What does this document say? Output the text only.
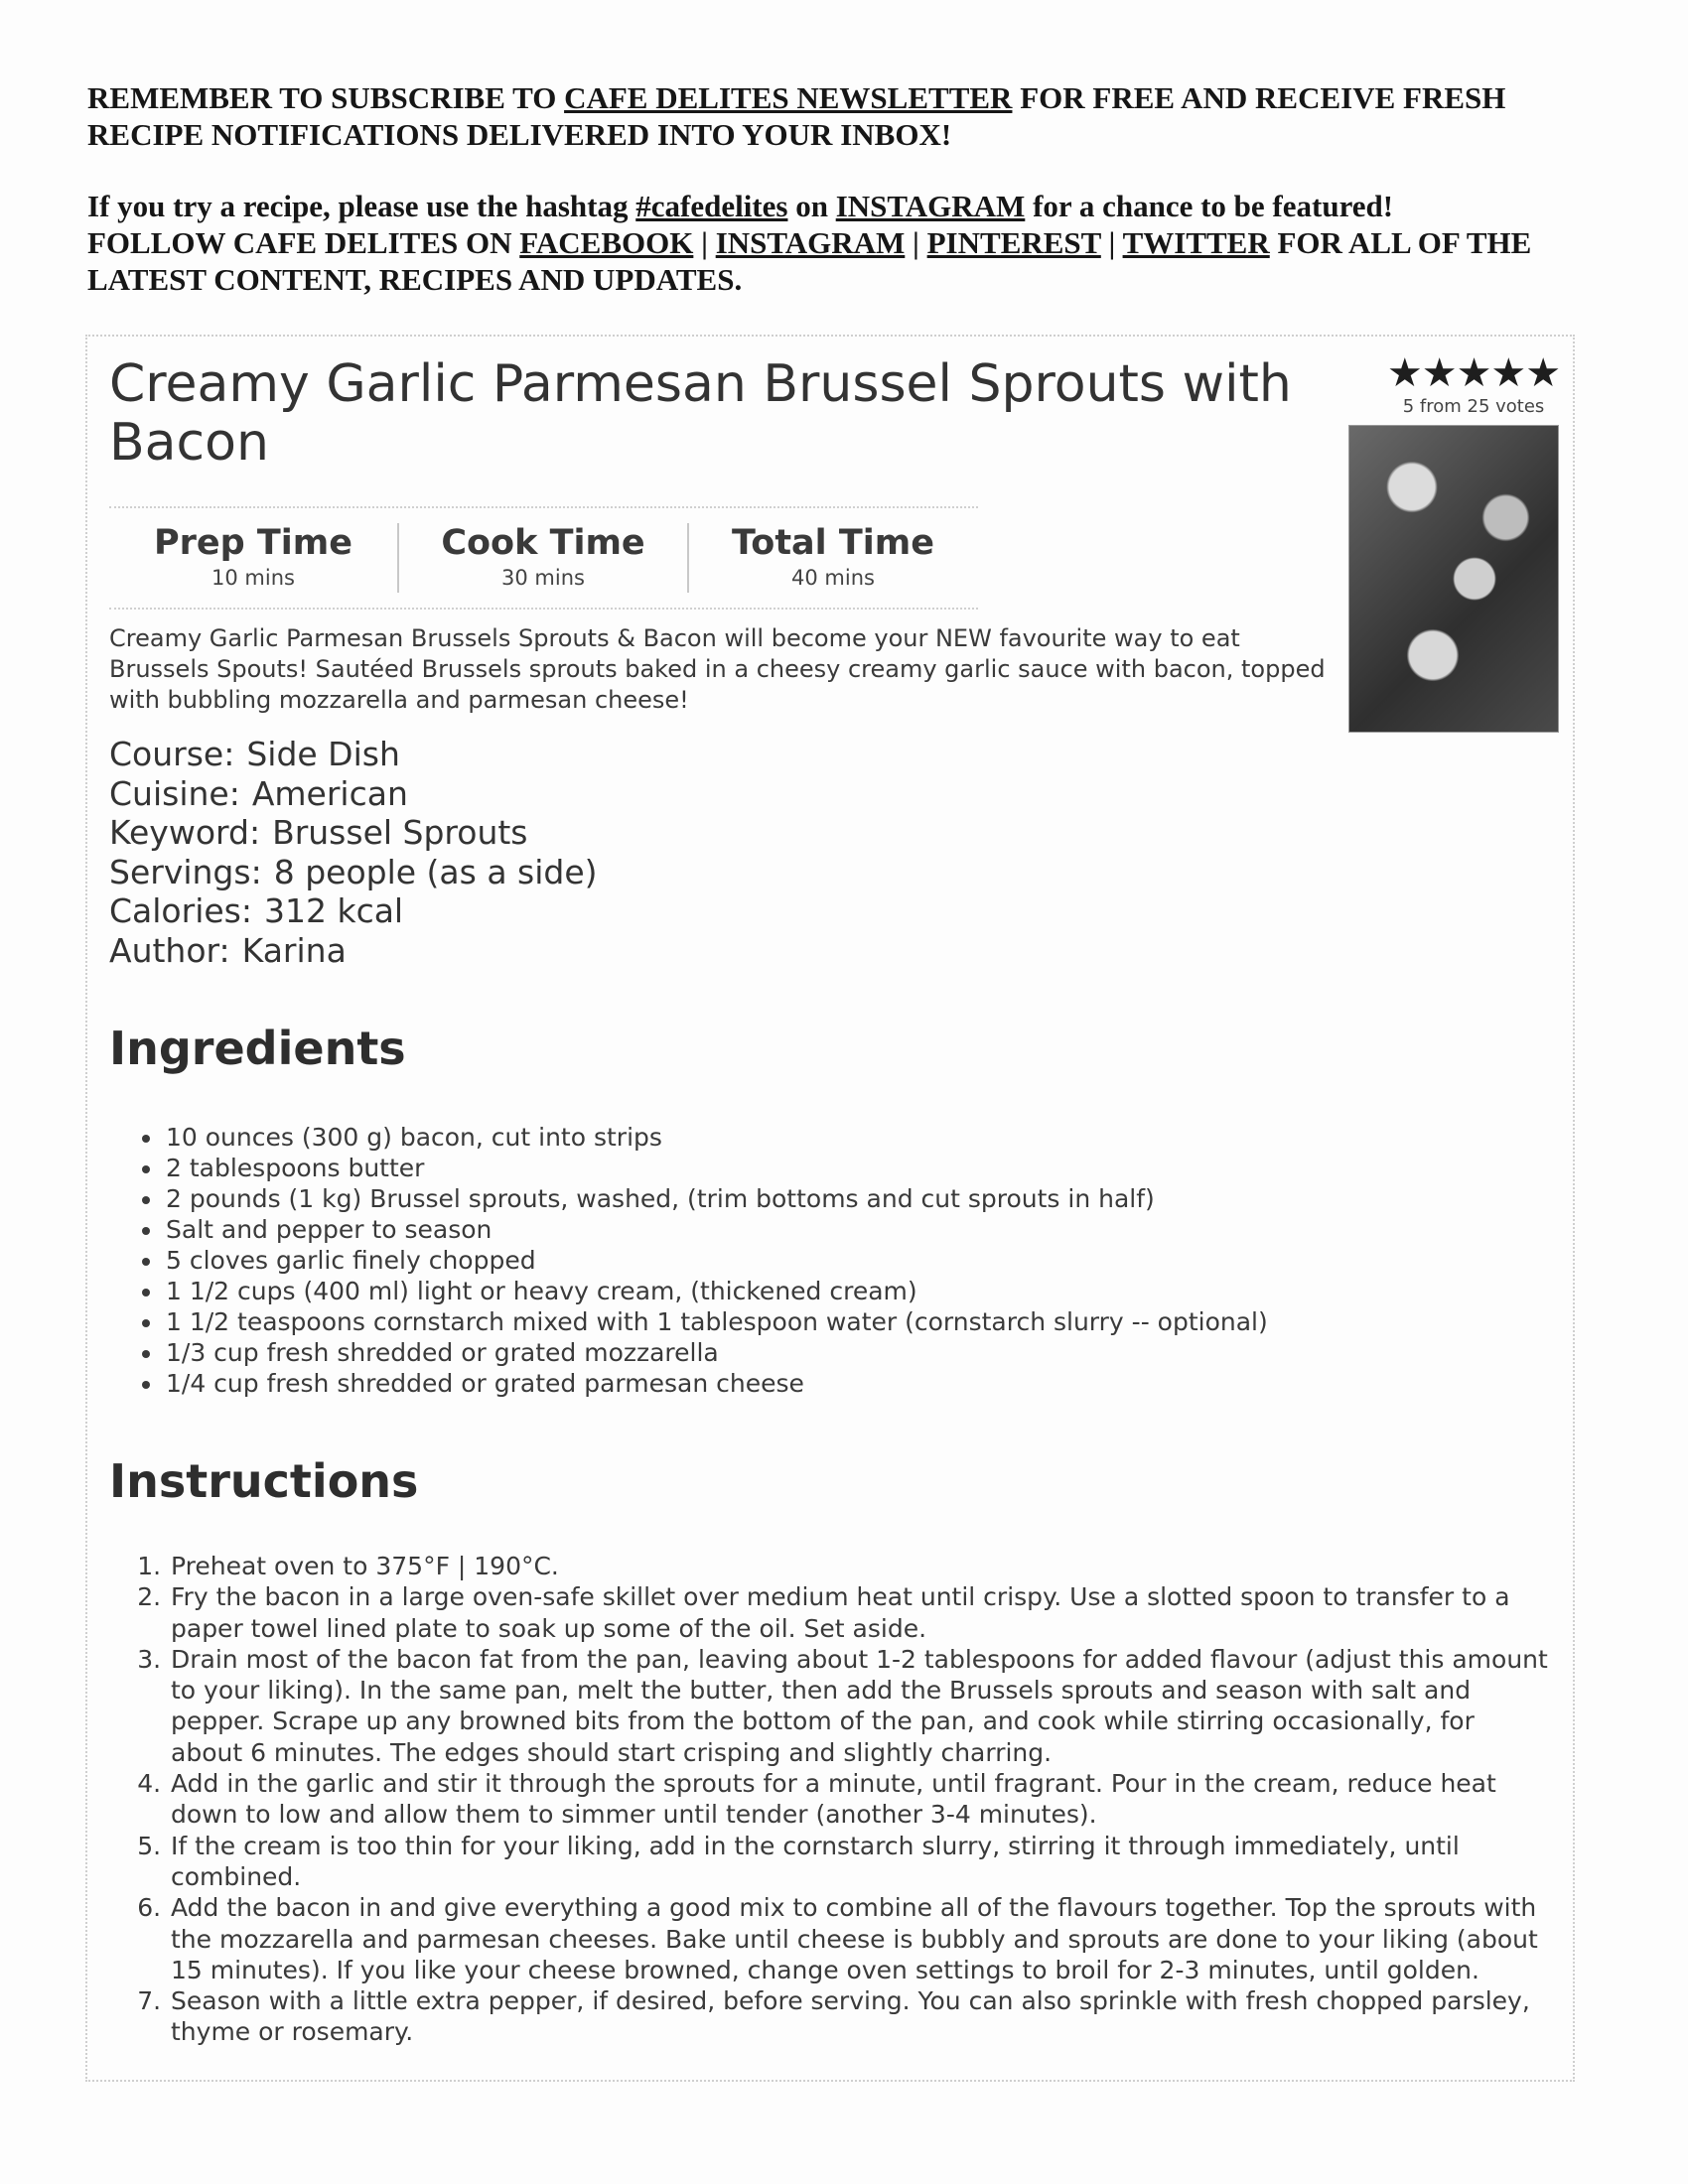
REMEMBER TO SUBSCRIBE TO CAFE DELITES NEWSLETTER FOR FREE AND RECEIVE FRESH RECIPE NOTIFICATIONS DELIVERED INTO YOUR INBOX!

If you try a recipe, please use the hashtag #cafedelites on INSTAGRAM for a chance to be featured!

FOLLOW CAFE DELITES ON FACEBOOK | INSTAGRAM | PINTEREST | TWITTER FOR ALL OF THE LATEST CONTENT, RECIPES AND UPDATES.

Creamy Garlic Parmesan Brussel Sprouts with Bacon
★★★★★
5 from 25 votes
Prep Time
10 mins
Cook Time
30 mins
Total Time
40 mins

Creamy Garlic Parmesan Brussels Sprouts & Bacon will become your NEW favourite way to eat Brussels Spouts! Sautéed Brussels sprouts baked in a cheesy creamy garlic sauce with bacon, topped with bubbling mozzarella and parmesan cheese!

Course: Side Dish
Cuisine: American
Keyword: Brussel Sprouts
Servings: 8 people (as a side)
Calories: 312 kcal
Author: Karina
Ingredients
• 10 ounces (300 g) bacon, cut into strips
• 2 tablespoons butter
• 2 pounds (1 kg) Brussel sprouts, washed, (trim bottoms and cut sprouts in half)
• Salt and pepper to season
• 5 cloves garlic finely chopped
• 1 1/2 cups (400 ml) light or heavy cream, (thickened cream)
• 1 1/2 teaspoons cornstarch mixed with 1 tablespoon water (cornstarch slurry -- optional)
• 1/3 cup fresh shredded or grated mozzarella
• 1/4 cup fresh shredded or grated parmesan cheese
Instructions
1. Preheat oven to 375°F | 190°C.
2. Fry the bacon in a large oven-safe skillet over medium heat until crispy. Use a slotted spoon to transfer to a paper towel lined plate to soak up some of the oil. Set aside.
3. Drain most of the bacon fat from the pan, leaving about 1-2 tablespoons for added flavour (adjust this amount to your liking). In the same pan, melt the butter, then add the Brussels sprouts and season with salt and pepper. Scrape up any browned bits from the bottom of the pan, and cook while stirring occasionally, for about 6 minutes. The edges should start crisping and slightly charring.
4. Add in the garlic and stir it through the sprouts for a minute, until fragrant. Pour in the cream, reduce heat down to low and allow them to simmer until tender (another 3-4 minutes).
5. If the cream is too thin for your liking, add in the cornstarch slurry, stirring it through immediately, until combined.
6. Add the bacon in and give everything a good mix to combine all of the flavours together. Top the sprouts with the mozzarella and parmesan cheeses. Bake until cheese is bubbly and sprouts are done to your liking (about 15 minutes). If you like your cheese browned, change oven settings to broil for 2-3 minutes, until golden.
7. Season with a little extra pepper, if desired, before serving. You can also sprinkle with fresh chopped parsley, thyme or rosemary.
